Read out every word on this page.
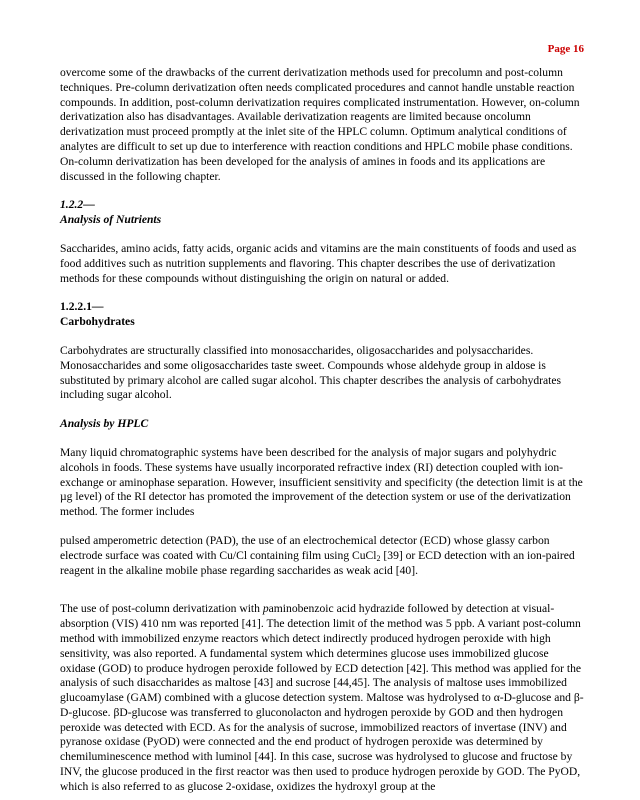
Page 16

overcome some of the drawbacks of the current derivatization methods used for precolumn and post-column techniques. Pre-column derivatization often needs complicated procedures and cannot handle unstable reaction compounds. In addition, post-column derivatization requires complicated instrumentation. However, on-column derivatization also has disadvantages. Available derivatization reagents are limited because oncolumn derivatization must proceed promptly at the inlet site of the HPLC column. Optimum analytical conditions of analytes are difficult to set up due to interference with reaction conditions and HPLC mobile phase conditions. On-column derivatization has been developed for the analysis of amines in foods and its applications are discussed in the following chapter.

1.2.2—
Analysis of Nutrients

Saccharides, amino acids, fatty acids, organic acids and vitamins are the main constituents of foods and used as food additives such as nutrition supplements and flavoring. This chapter describes the use of derivatization methods for these compounds without distinguishing the origin on natural or added.

1.2.2.1—
Carbohydrates

Carbohydrates are structurally classified into monosaccharides, oligosaccharides and polysaccharides. Monosaccharides and some oligosaccharides taste sweet. Compounds whose aldehyde group in aldose is substituted by primary alcohol are called sugar alcohol. This chapter describes the analysis of carbohydrates including sugar alcohol.

Analysis by HPLC

Many liquid chromatographic systems have been described for the analysis of major sugars and polyhydric alcohols in foods. These systems have usually incorporated refractive index (RI) detection coupled with ion-exchange or aminophase separation. However, insufficient sensitivity and specificity (the detection limit is at the µg level) of the RI detector has promoted the improvement of the detection system or use of the derivatization method. The former includes

pulsed amperometric detection (PAD), the use of an electrochemical detector (ECD) whose glassy carbon electrode surface was coated with Cu/Cl containing film using CuCl$_2$ [39] or ECD detection with an ion-paired reagent in the alkaline mobile phase regarding saccharides as weak acid [40].

The use of post-column derivatization with paminobenzoic acid hydrazide followed by detection at visual-absorption (VIS) 410 nm was reported [41]. The detection limit of the method was 5 ppb. A variant post-column method with immobilized enzyme reactors which detect indirectly produced hydrogen peroxide with high sensitivity, was also reported. A fundamental system which determines glucose uses immobilized glucose oxidase (GOD) to produce hydrogen peroxide followed by ECD detection [42]. This method was applied for the analysis of such disaccharides as maltose [43] and sucrose [44,45]. The analysis of maltose uses immobilized glucoamylase (GAM) combined with a glucose detection system. Maltose was hydrolysed to α-D-glucose and β-D-glucose. βD-glucose was transferred to gluconolacton and hydrogen peroxide by GOD and then hydrogen peroxide was detected with ECD. As for the analysis of sucrose, immobilized reactors of invertase (INV) and pyranose oxidase (PyOD) were connected and the end product of hydrogen peroxide was determined by chemiluminescence method with luminol [44]. In this case, sucrose was hydrolysed to glucose and fructose by INV, the glucose produced in the first reactor was then used to produce hydrogen peroxide by GOD. The PyOD, which is also referred to as glucose 2-oxidase, oxidizes the hydroxyl group at the
